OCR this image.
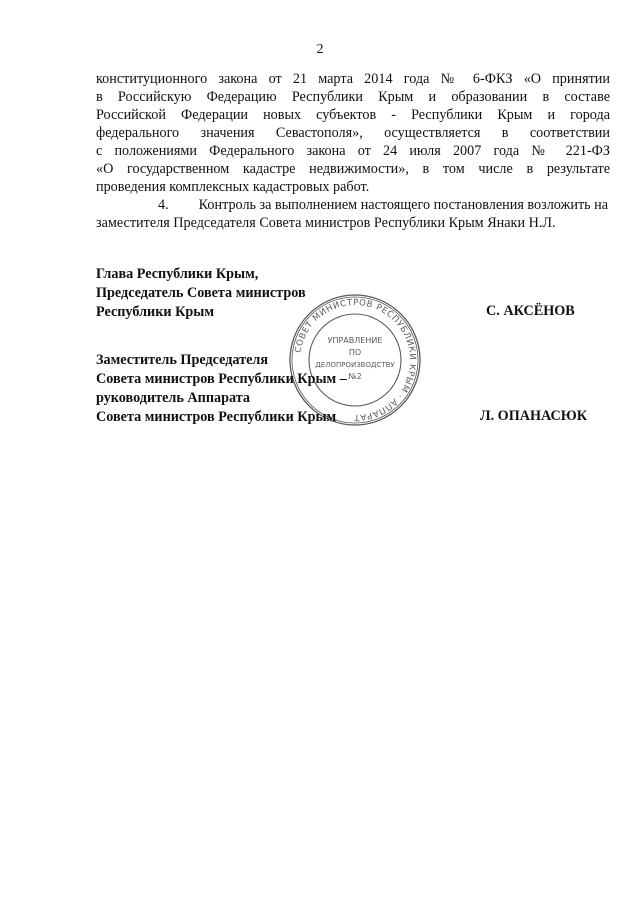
2
конституционного закона от 21 марта 2014 года № 6-ФКЗ «О принятии
в Российскую Федерацию Республики Крым и образовании в составе
Российской Федерации новых субъектов - Республики Крым и города
федерального значения Севастополя», осуществляется в соответствии
с положениями Федерального закона от 24 июля 2007 года № 221-ФЗ
«О государственном кадастре недвижимости», в том числе в результате
проведения комплексных кадастровых работ.
4. Контроль за выполнением настоящего постановления возложить на
заместителя Председателя Совета министров Республики Крым Янаки Н.Л.
Глава Республики Крым,
Председатель Совета министров
Республики Крым	С. АКСЁНОВ
СОВЕТ МИНИСТРОВ РЕСПУБЛИКИ КРЫМ · АППАРАТ
УПРАВЛЕНИЕ
ПО
ДЕЛОПРОИЗВОДСТВУ
№2
Заместитель Председателя
Совета министров Республики Крым –
руководитель Аппарата
Совета министров Республики Крым	Л. ОПАНАСЮК
